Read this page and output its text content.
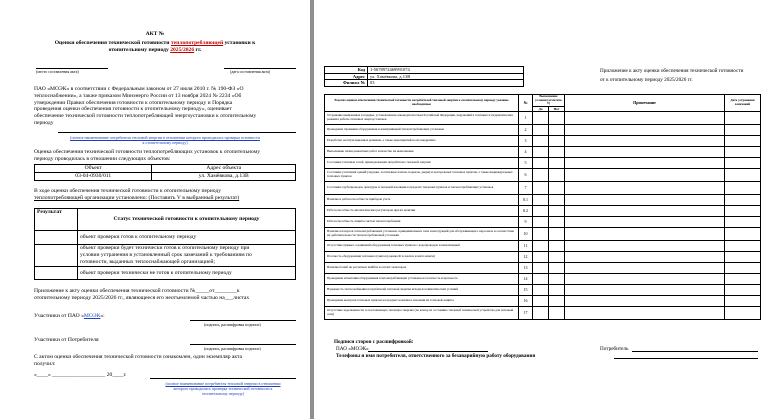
АКТ №
Оценки обеспечения технической готовности теплопотребляющей установки к
отопительному периоду 2025/2026 гг.
(место составления акта)	(дата составления акта)
ПАО «МОЭК» в соответствии с Федеральным законом от 27 июля 2010 г. № 190-ФЗ «О
теплоснабжении», а также приказом Минэнерго России от 13 ноября 2024 № 2234 «Об
утверждении Правил обеспечения готовности к отопительному периоду и Порядка
проведения оценки обеспечения готовности к отопительному периоду», оценивает
обеспечение технической готовности теплопотребляющей энергоустановки к отопительному
периоду
(полное наименование потребителя тепловой энергии в отношении которого проводилась проверка готовности
к отопительному периоду)
Оценка обеспечения технической готовности теплопотребляющих установок к отопительному
периоду проводилась в отношении следующих объектов:
Объект	Адрес объекта
03-04-0930/011	ул. Хамёвкова, д.13В
В ходе оценки обеспечения технической готовности к отопительному периоду
теплопотребляющей организации установлено: (Поставить V в выбранный результат)
Результат	Статус технической готовности к отопительному периоду
	объект проверки готов к отопительному периоду

	объект проверки будет технически готов к отопительному периоду при
условии устранения в установленный срок замечаний к требованиям по
готовности, выданных теплоснабжающей организацией;

	объект проверки технически не готов к отопительному периоду
Приложение к акту оценки обеспечения технической готовности №_____от________к
отопительному периоду 2025/2026 гг., являющееся его неотъемлемой частью на___листах
Участники от ПАО «МОЭК»:
(подпись, расшифровка подписи)
Участники от Потребителя
(подпись, расшифровка подписи)
С актом оценки обеспечения технической готовности ознакомлен, один экземпляр акта
получил:
«____» ___________________ 20____г.
(полное наименование потребителя тепловой энергии в отношении
которого проводилась проверка технической готовности к
отопительному периоду)
Код	1-5678972469991074
Адрес	ул. Хамёвкова, д.13В
Филиал №	03
Приложение к акту оценки обеспечения технической готовности
от к отопительному периоду 2025/2026 гг.
В целях оценки обеспечения технической готовности потребителей тепловой энергии к отопительному периоду указаны необходимые	№	Выполнение условия (отметить V)		Примечание	Дата устранения замечаний
		Да	Нет		
Устранение выявленных в порядке, установленном законодательством Российской Федерации, нарушений в тепловых и гидравлических режимах работы тепловых энергоустановок	1				
Проведение промывки оборудования и коммуникаций теплопотребляющих установок	2				
Разработка эксплуатационных режимов, а также мероприятий по их внедрению	3				
Выполнение плана ремонтных работ и качество их выполнения	4				
Состояние тепловых сетей, принадлежащих потребителю тепловой энергии	5				
Состояние утепления зданий (чердаки, лестничные клетки, подвалы, двери) и центральных тепловых пунктов, а также индивидуальных тепловых пунктов	6				
Состояние трубопроводов, арматуры и тепловой изоляции в пределах тепловых пунктов и теплопотребляющих установок	7				
Наличие и работоспособность приборов учета	8.1				
Работоспособность автоматических регуляторов при их наличии	8.2				
Работоспособность защиты систем теплопотребления	9				
Наличие паспортов теплопотребляющих установок, принципиальных схем и инструкций для обслуживающего персонала и соответствие их действительности теплопотребляющей установки	10				
Отсутствие прямых соединений оборудования тепловых пунктов с водопроводом и канализацией	11				
Плотность оборудования тепловых пунктов (оценка Ф и заключ и инсп.записи)	12				
Наличие пломб на расчетных шайбах и соплах элеваторов	13				
Проведение испытания оборудования теплопотребляющих установок на плотность и прочность	14				
Надежность теплоснабжения потребителей тепловой энергии исходя из климатических условий	15				
Проведение контроля тепловых пунктов на предмет наличия и значения их тепловой защиты	16				
Отсутствие задолженности за поставленную тепловую энергию (по ключу из состоянию тепловой технической устройства для тепловой сети)	17				
Подписи сторон с расшифровкой:
ПАО «МОЭК»	Потребитель
Телефоны и имя потребителя, ответственного за безаварийную работу оборудования
